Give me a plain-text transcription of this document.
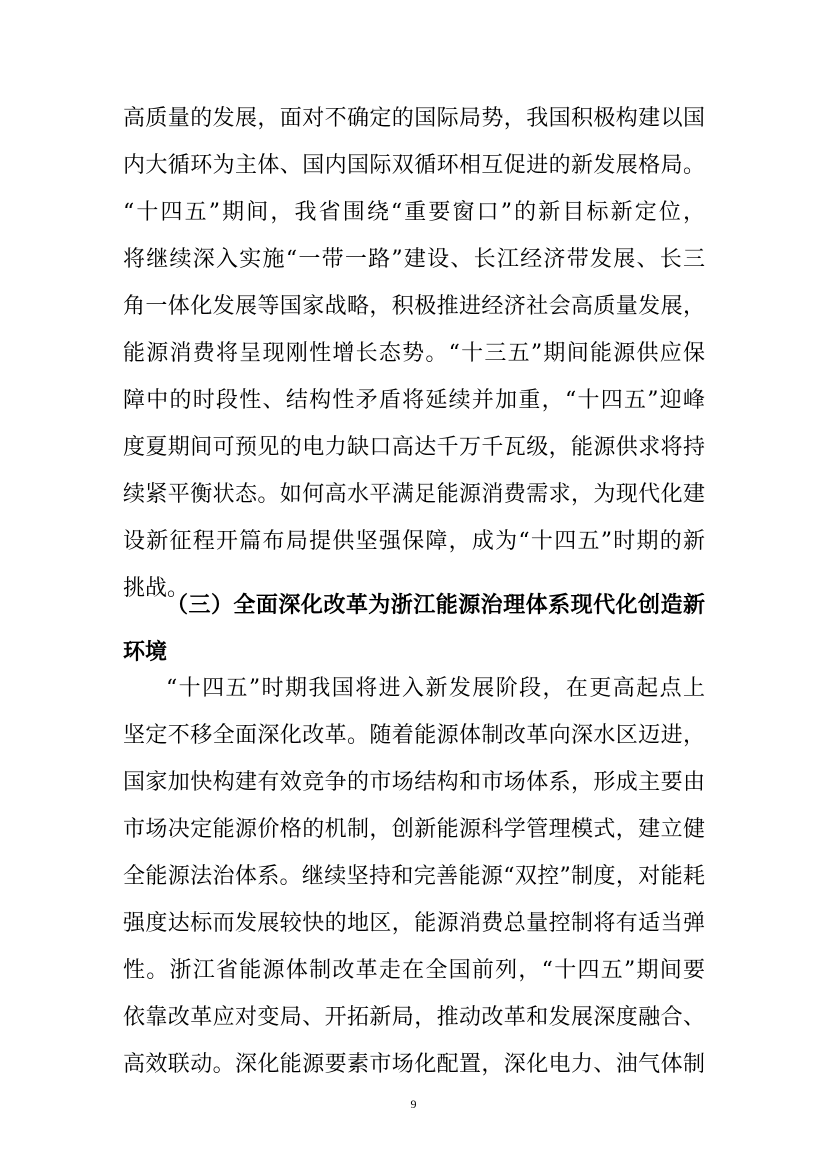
高质量的发展，面对不确定的国际局势，我国积极构建以国
内大循环为主体、国内国际双循环相互促进的新发展格局。
“十四五”期间，我省围绕“重要窗口”的新目标新定位，
将继续深入实施“一带一路”建设、长江经济带发展、长三
角一体化发展等国家战略，积极推进经济社会高质量发展，
能源消费将呈现刚性增长态势。“十三五”期间能源供应保
障中的时段性、结构性矛盾将延续并加重，“十四五”迎峰
度夏期间可预见的电力缺口高达千万千瓦级，能源供求将持
续紧平衡状态。如何高水平满足能源消费需求，为现代化建
设新征程开篇布局提供坚强保障，成为“十四五”时期的新
挑战。
（三）全面深化改革为浙江能源治理体系现代化创造新
环境
“十四五”时期我国将进入新发展阶段，在更高起点上
坚定不移全面深化改革。随着能源体制改革向深水区迈进，
国家加快构建有效竞争的市场结构和市场体系，形成主要由
市场决定能源价格的机制，创新能源科学管理模式，建立健
全能源法治体系。继续坚持和完善能源“双控”制度，对能耗
强度达标而发展较快的地区，能源消费总量控制将有适当弹
性。浙江省能源体制改革走在全国前列，“十四五”期间要
依靠改革应对变局、开拓新局，推动改革和发展深度融合、
高效联动。深化能源要素市场化配置，深化电力、油气体制
9
